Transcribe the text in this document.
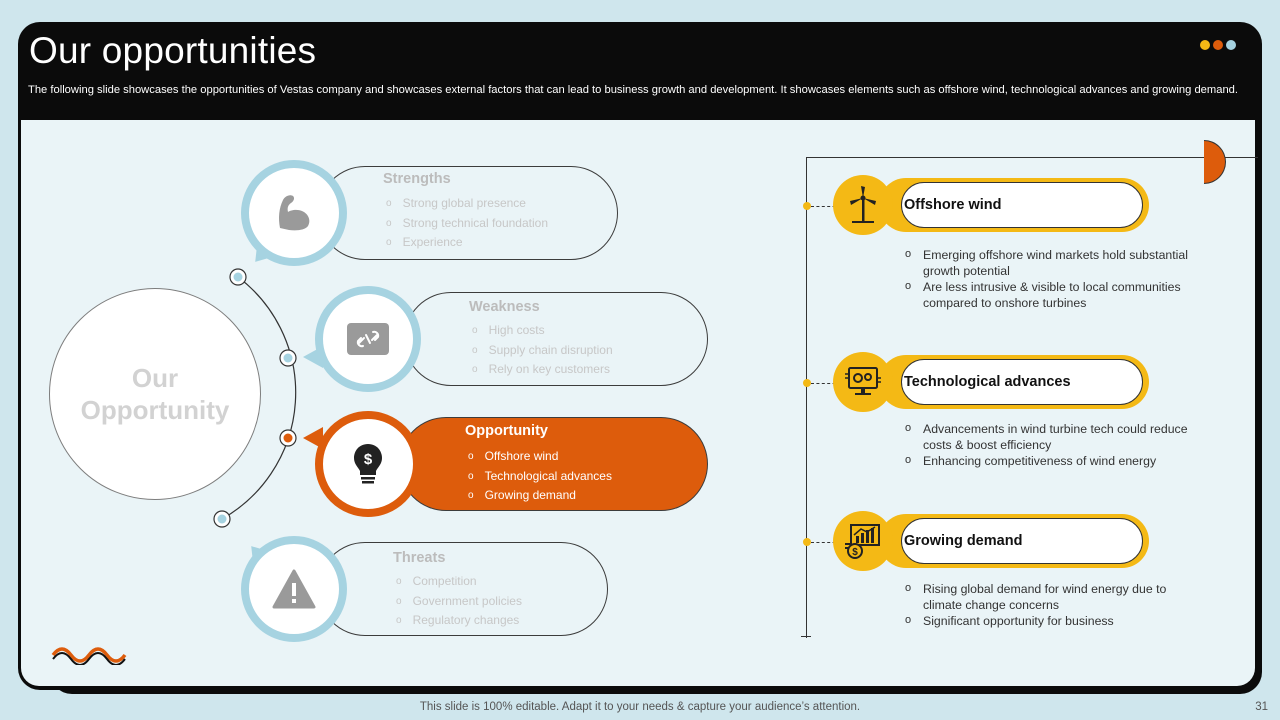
Our opportunities
The following slide showcases the opportunities of Vestas company and showcases external factors that can lead to business growth and development. It showcases elements such as offshore wind, technological advances and growing demand.
Our
Opportunity
Strengths
o Strong global presence
o Strong technical foundation
o Experience
Weakness
o High costs
o Supply chain disruption
o Rely on key customers
$
Opportunity
o Offshore wind
o Technological advances
o Growing demand
Threats
o Competition
o Government policies
o Regulatory changes
Offshore wind
o Emerging offshore wind markets hold substantial growth potential
o Are less intrusive & visible to local communities compared to onshore turbines
Technological advances
o Advancements in wind turbine tech could reduce costs & boost efficiency
o Enhancing competitiveness of wind energy
$
Growing demand
o Rising global demand for wind energy due to climate change concerns
o Significant opportunity for business
This slide is 100% editable. Adapt it to your needs & capture your audience’s attention.	31
